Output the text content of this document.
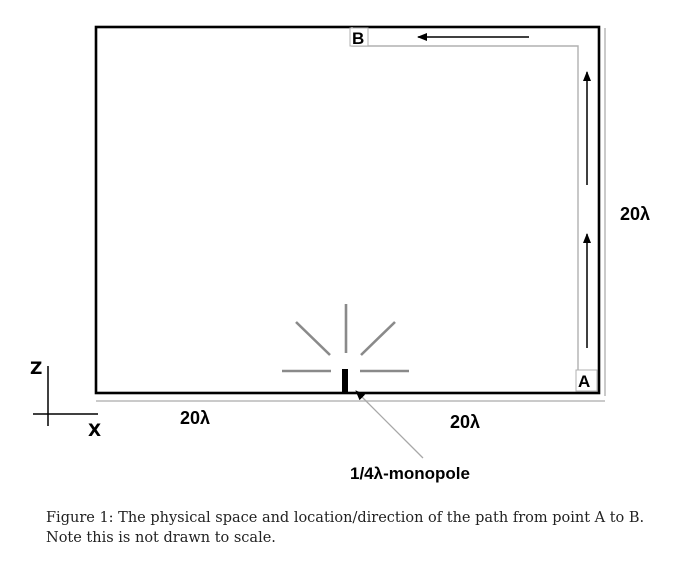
B
A
20λ	20λ
20λ
1/4λ-monopole
Z
X

Figure 1: The physical space and location/direction of the path from point A to B. Note this is not drawn to scale.
